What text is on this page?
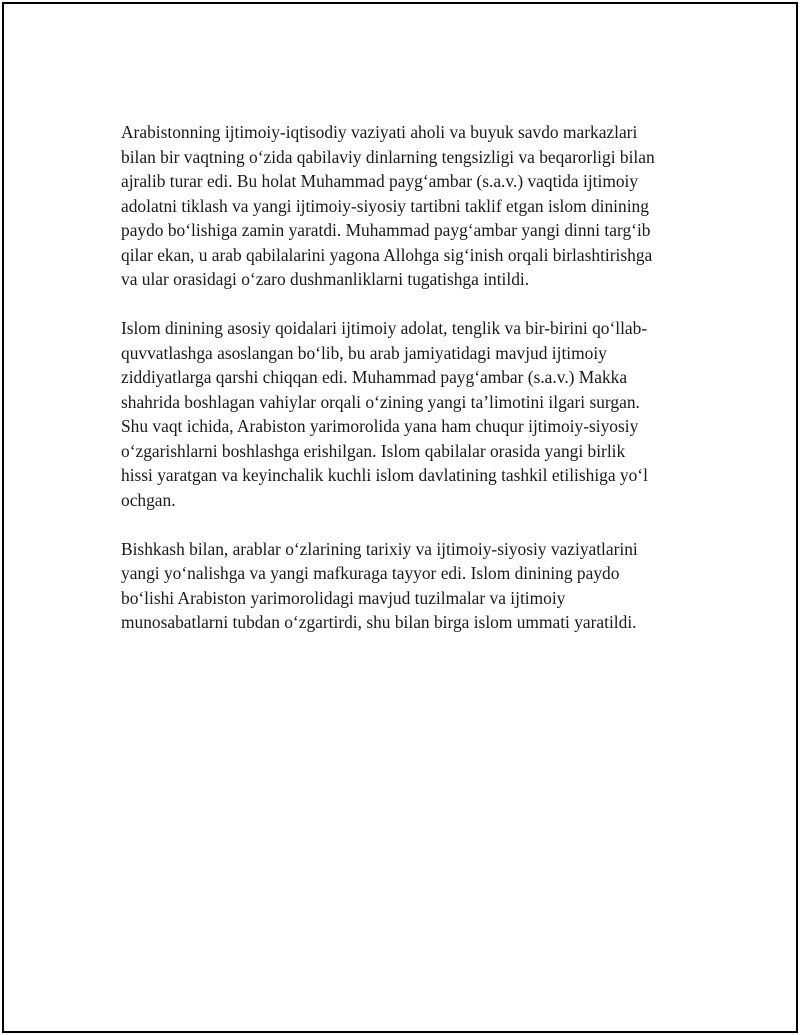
Arabistonning ijtimoiy-iqtisodiy vaziyati aholi va buyuk savdo markazlari
bilan bir vaqtning o‘zida qabilaviy dinlarning tengsizligi va beqarorligi bilan
ajralib turar edi. Bu holat Muhammad payg‘ambar (s.a.v.) vaqtida ijtimoiy
adolatni tiklash va yangi ijtimoiy-siyosiy tartibni taklif etgan islom dinining
paydo bo‘lishiga zamin yaratdi. Muhammad payg‘ambar yangi dinni targ‘ib
qilar ekan, u arab qabilalarini yagona Allohga sig‘inish orqali birlashtirishga
va ular orasidagi o‘zaro dushmanliklarni tugatishga intildi.

Islom dinining asosiy qoidalari ijtimoiy adolat, tenglik va bir-birini qo‘llab-
quvvatlashga asoslangan bo‘lib, bu arab jamiyatidagi mavjud ijtimoiy
ziddiyatlarga qarshi chiqqan edi. Muhammad payg‘ambar (s.a.v.) Makka
shahrida boshlagan vahiylar orqali o‘zining yangi ta’limotini ilgari surgan.
Shu vaqt ichida, Arabiston yarimorolida yana ham chuqur ijtimoiy-siyosiy
o‘zgarishlarni boshlashga erishilgan. Islom qabilalar orasida yangi birlik
hissi yaratgan va keyinchalik kuchli islom davlatining tashkil etilishiga yo‘l
ochgan.

Bishkash bilan, arablar o‘zlarining tarixiy va ijtimoiy-siyosiy vaziyatlarini
yangi yo‘nalishga va yangi mafkuraga tayyor edi. Islom dinining paydo
bo‘lishi Arabiston yarimorolidagi mavjud tuzilmalar va ijtimoiy
munosabatlarni tubdan o‘zgartirdi, shu bilan birga islom ummati yaratildi.
